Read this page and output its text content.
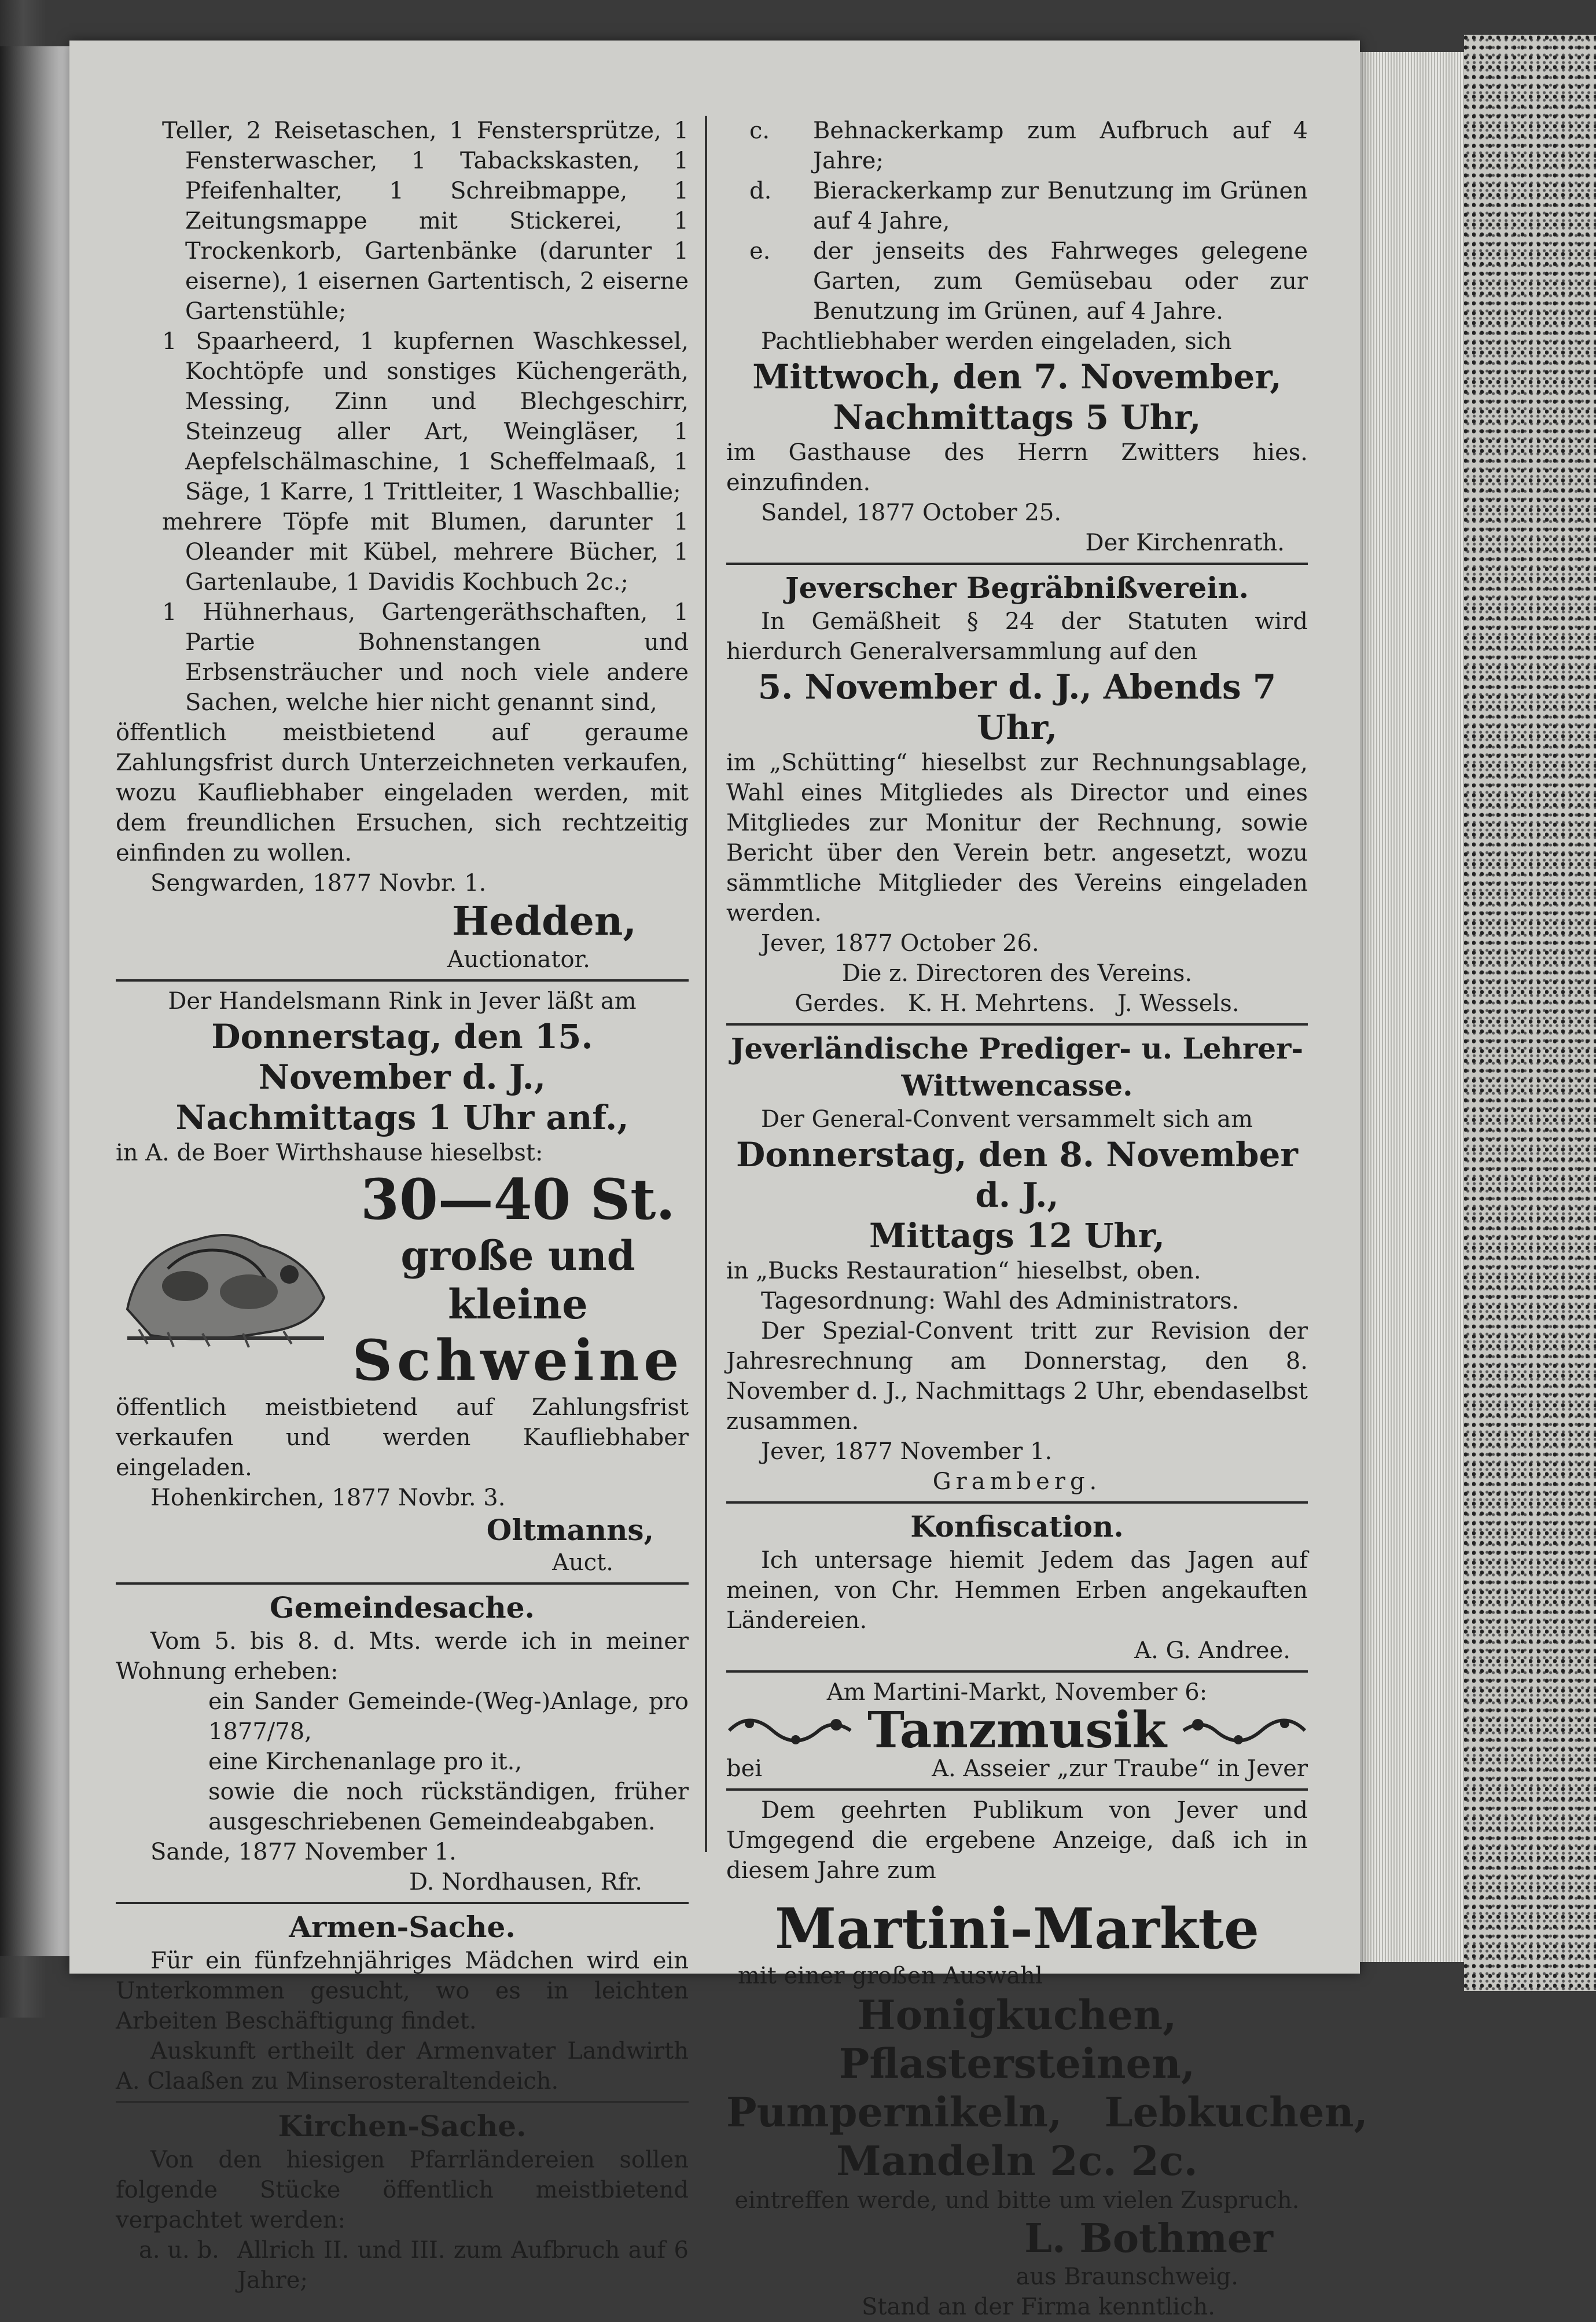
Teller, 2 Reisetaschen, 1 Fenstersprütze, 1 Fensterwascher, 1 Tabackskasten, 1 Pfeifenhalter, 1 Schreibmappe, 1 Zeitungsmappe mit Stickerei, 1 Trockenkorb, Gartenbänke (darunter 1 eiserne), 1 eisernen Gartentisch, 2 eiserne Gartenstühle;

1 Spaarheerd, 1 kupfernen Waschkessel, Kochtöpfe und sonstiges Küchengeräth, Messing, Zinn und Blechgeschirr, Steinzeug aller Art, Weingläser, 1 Aepfelschälmaschine, 1 Scheffelmaaß, 1 Säge, 1 Karre, 1 Trittleiter, 1 Waschballie;

mehrere Töpfe mit Blumen, darunter 1 Oleander mit Kübel, mehrere Bücher, 1 Gartenlaube, 1 Davidis Kochbuch 2c.;

1 Hühnerhaus, Gartengeräthschaften, 1 Partie Bohnenstangen und Erbsensträucher und noch viele andere Sachen, welche hier nicht genannt sind,

öffentlich meistbietend auf geraume Zahlungsfrist durch Unterzeichneten verkaufen, wozu Kaufliebhaber eingeladen werden, mit dem freundlichen Ersuchen, sich rechtzeitig einfinden zu wollen.

Sengwarden, 1877 Novbr. 1.

Hedden,

Auctionator.

Der Handelsmann Rink in Jever läßt am

Donnerstag, den 15. November d. J.,

Nachmittags 1 Uhr anf.,

in A. de Boer Wirthshause hieselbst:

30—40 St.

große und kleine

Schweine

öffentlich meistbietend auf Zahlungsfrist verkaufen und werden Kaufliebhaber eingeladen.

Hohenkirchen, 1877 Novbr. 3.

Oltmanns,

Auct.

Gemeindesache.

Vom 5. bis 8. d. Mts. werde ich in meiner Wohnung erheben:

ein Sander Gemeinde-(Weg-)Anlage, pro 1877/78,

eine Kirchenanlage pro it.,

sowie die noch rückständigen, früher ausgeschriebenen Gemeindeabgaben.

Sande, 1877 November 1.

D. Nordhausen, Rfr.

Armen-Sache.

Für ein fünfzehnjähriges Mädchen wird ein Unterkommen gesucht, wo es in leichten Arbeiten Beschäftigung findet.

Auskunft ertheilt der Armenvater Landwirth A. Claaßen zu Minserosteraltendeich.

Kirchen-Sache.

Von den hiesigen Pfarrländereien sollen folgende Stücke öffentlich meistbietend verpachtet werden:

a. u. b. Allrich II. und III. zum Aufbruch auf 6 Jahre;
c.	Behnackerkamp zum Aufbruch auf 4 Jahre;
d.	Bierackerkamp zur Benutzung im Grünen auf 4 Jahre,
e.	der jenseits des Fahrweges gelegene Garten, zum Gemüsebau oder zur Benutzung im Grünen, auf 4 Jahre.

Pachtliebhaber werden eingeladen, sich

Mittwoch, den 7. November,

Nachmittags 5 Uhr,

im Gasthause des Herrn Zwitters hies. einzufinden.

Sandel, 1877 October 25.

Der Kirchenrath.

Jeverscher Begräbnißverein.

In Gemäßheit § 24 der Statuten wird hierdurch Generalversammlung auf den

5. November d. J., Abends 7 Uhr,

im „Schütting“ hieselbst zur Rechnungsablage, Wahl eines Mitgliedes als Director und eines Mitgliedes zur Monitur der Rechnung, sowie Bericht über den Verein betr. angesetzt, wozu sämmtliche Mitglieder des Vereins eingeladen werden.

Jever, 1877 October 26.

Die z. Directoren des Vereins.

Gerdes.   K. H. Mehrtens.   J. Wessels.

Jeverländische Prediger- u. Lehrer-

Wittwencasse.

Der General-Convent versammelt sich am

Donnerstag, den 8. November d. J.,

Mittags 12 Uhr,

in „Bucks Restauration“ hieselbst, oben.

Tagesordnung: Wahl des Administrators.

Der Spezial-Convent tritt zur Revision der Jahresrechnung am Donnerstag, den 8. November d. J., Nachmittags 2 Uhr, ebendaselbst zusammen.

Jever, 1877 November 1.

Gramberg.

Konfiscation.

Ich untersage hiemit Jedem das Jagen auf meinen, von Chr. Hemmen Erben angekauften Ländereien.

A. G. Andree.

Am Martini-Markt, November 6:

Tanzmusik

bei	A. Asseier „zur Traube“ in Jever

Dem geehrten Publikum von Jever und Umgegend die ergebene Anzeige, daß ich in diesem Jahre zum

Martini-Markte

mit einer großen Auswahl

Honigkuchen, Pflastersteinen,

Pumpernikeln,   Lebkuchen,

Mandeln 2c. 2c.

eintreffen werde, und bitte um vielen Zuspruch.

L. Bothmer

aus Braunschweig.

Stand an der Firma kenntlich.
